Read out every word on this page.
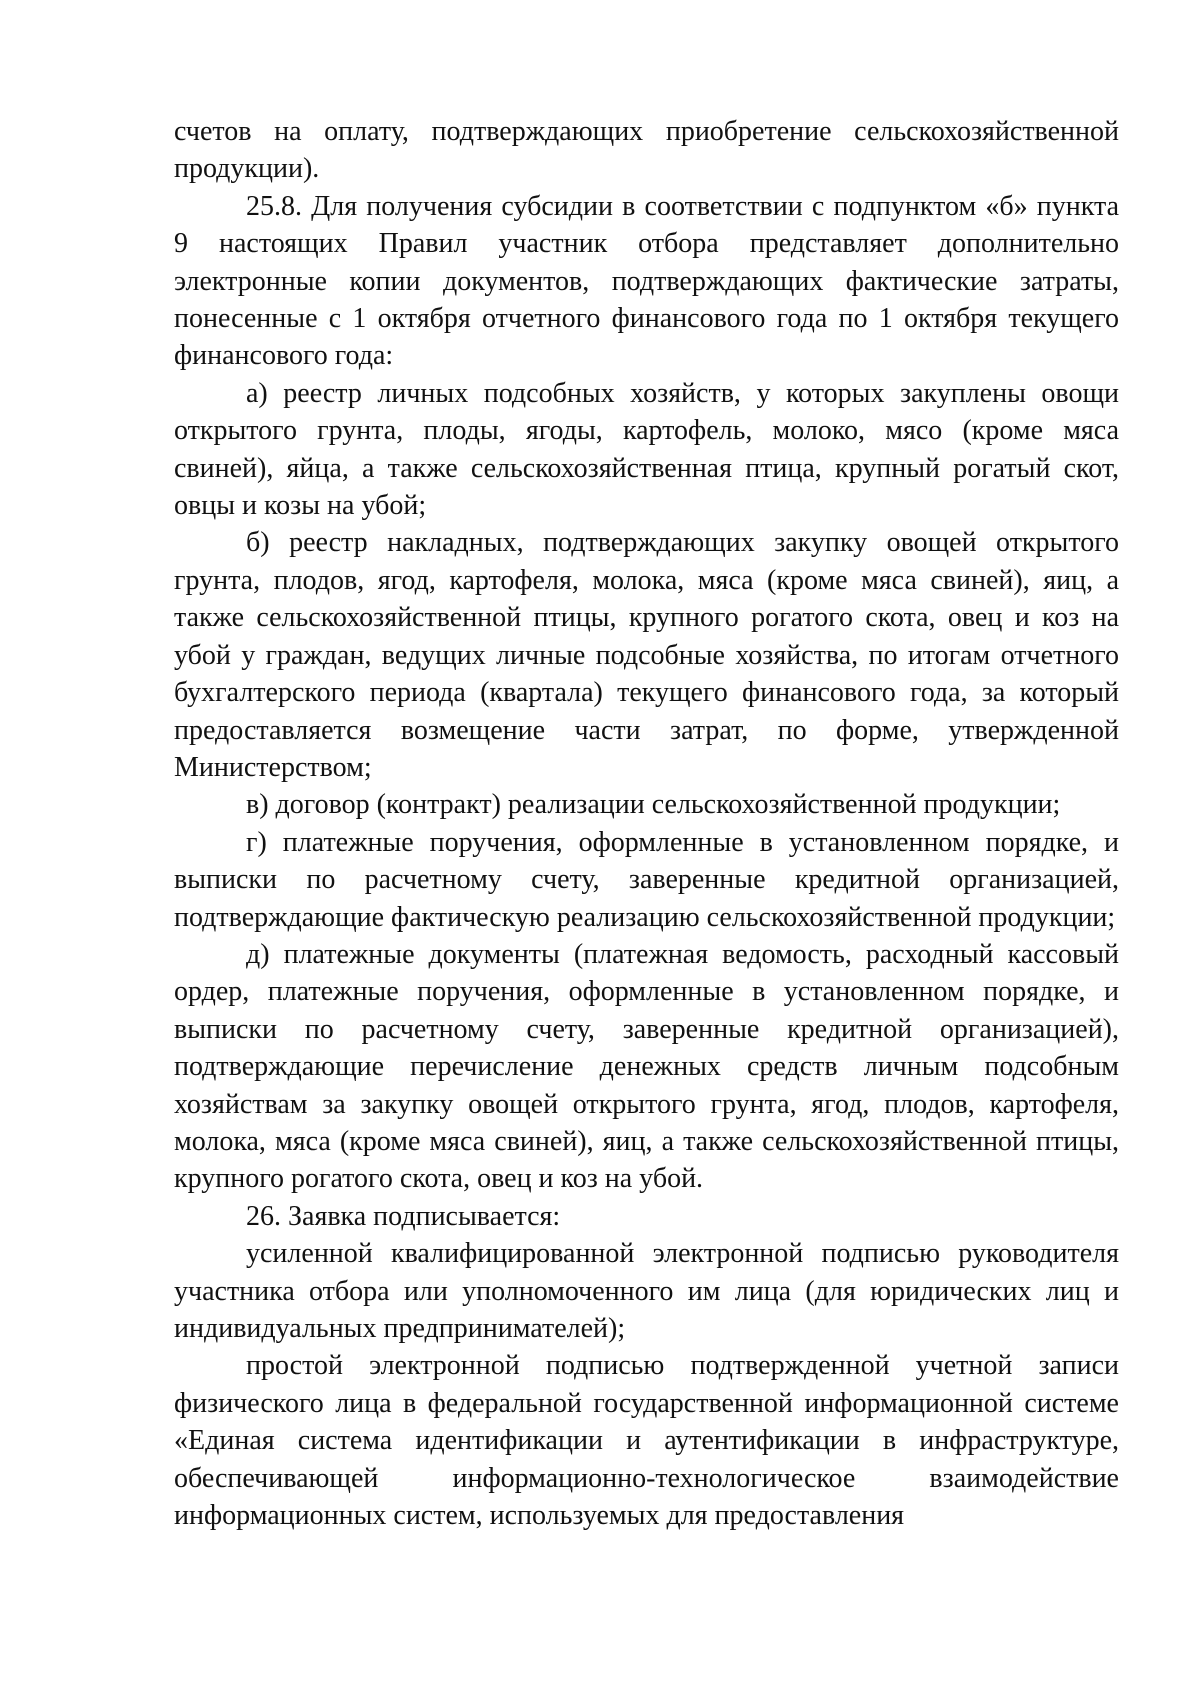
счетов на оплату, подтверждающих приобретение сельскохозяйственной продукции).

25.8. Для получения субсидии в соответствии с подпунктом «б» пункта 9 настоящих Правил участник отбора представляет дополнительно электронные копии документов, подтверждающих фактические затраты, понесенные с 1 октября отчетного финансового года по 1 октября текущего финансового года:

а) реестр личных подсобных хозяйств, у которых закуплены овощи открытого грунта, плоды, ягоды, картофель, молоко, мясо (кроме мяса свиней), яйца, а также сельскохозяйственная птица, крупный рогатый скот, овцы и козы на убой;

б) реестр накладных, подтверждающих закупку овощей открытого грунта, плодов, ягод, картофеля, молока, мяса (кроме мяса свиней), яиц, а также сельскохозяйственной птицы, крупного рогатого скота, овец и коз на убой у граждан, ведущих личные подсобные хозяйства, по итогам отчетного бухгалтерского периода (квартала) текущего финансового года, за который предоставляется возмещение части затрат, по форме, утвержденной Министерством;

в) договор (контракт) реализации сельскохозяйственной продукции;

г) платежные поручения, оформленные в установленном порядке, и выписки по расчетному счету, заверенные кредитной организацией, подтверждающие фактическую реализацию сельскохозяйственной продукции;

д) платежные документы (платежная ведомость, расходный кассовый ордер, платежные поручения, оформленные в установленном порядке, и выписки по расчетному счету, заверенные кредитной организацией), подтверждающие перечисление денежных средств личным подсобным хозяйствам за закупку овощей открытого грунта, ягод, плодов, картофеля, молока, мяса (кроме мяса свиней), яиц, а также сельскохозяйственной птицы, крупного рогатого скота, овец и коз на убой.

26. Заявка подписывается:

усиленной квалифицированной электронной подписью руководителя участника отбора или уполномоченного им лица (для юридических лиц и индивидуальных предпринимателей);

простой электронной подписью подтвержденной учетной записи физического лица в федеральной государственной информационной системе «Единая система идентификации и аутентификации в инфраструктуре, обеспечивающей информационно-технологическое взаимодействие информационных систем, используемых для предоставления
